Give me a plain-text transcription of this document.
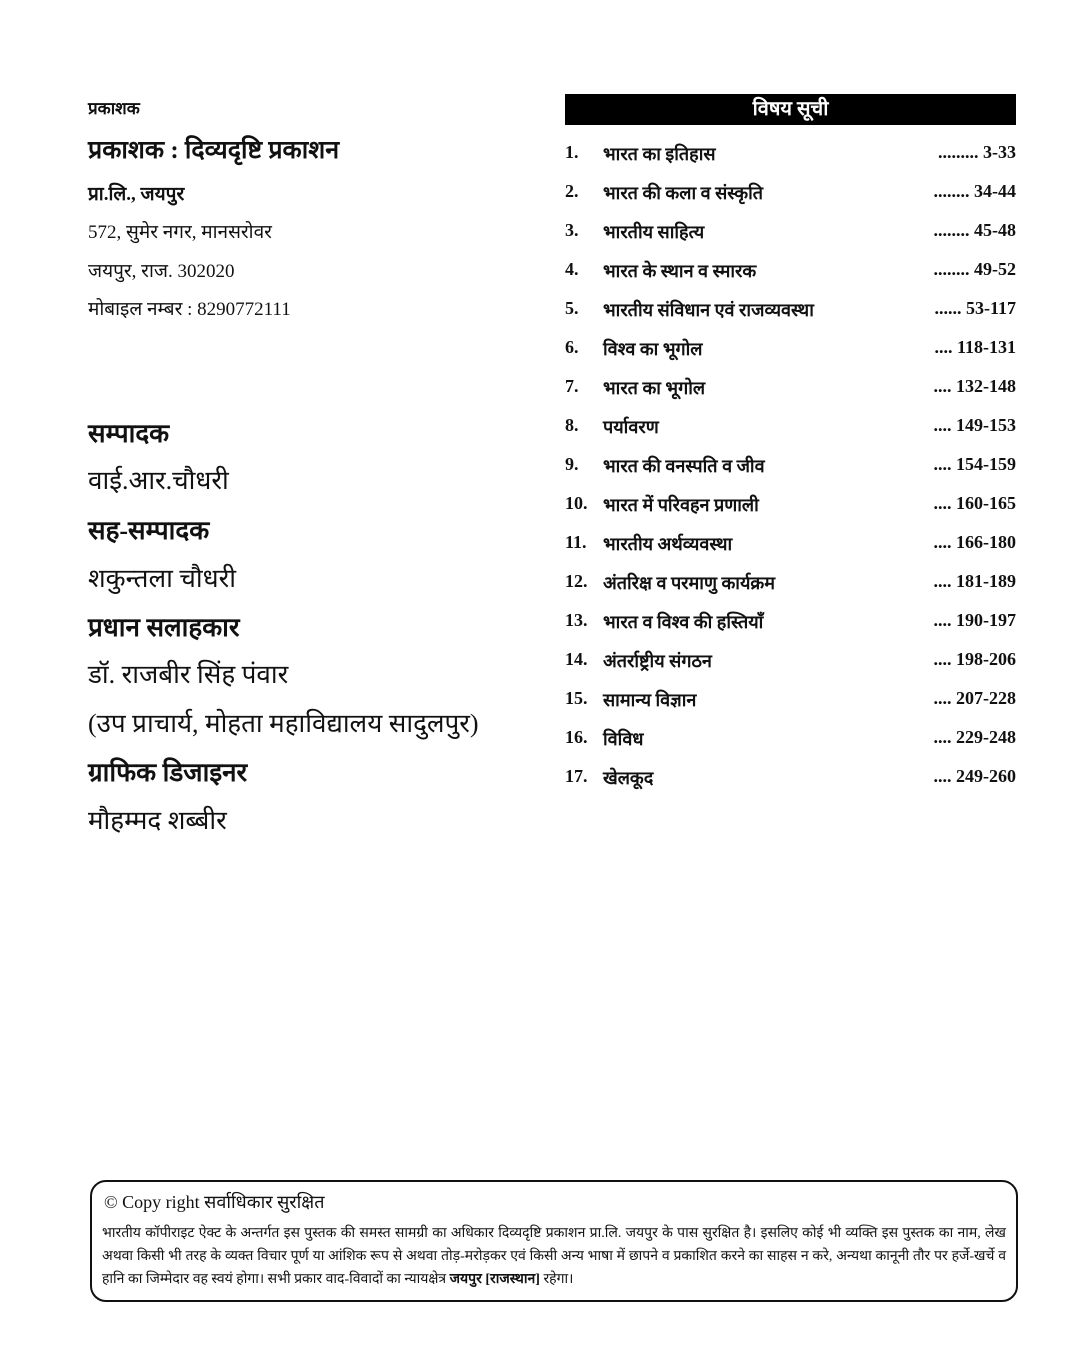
प्रकाशक
प्रकाशक : दिव्यदृष्टि प्रकाशन
प्रा.लि., जयपुर
572, सुमेर नगर, मानसरोवर
जयपुर, राज. 302020
मोबाइल नम्बर : 8290772111
सम्पादक
वाई.आर.चौधरी
सह-सम्पादक
शकुन्तला चौधरी
प्रधान सलाहकार
डॉ. राजबीर सिंह पंवार
(उप प्राचार्य, मोहता महाविद्यालय सादुलपुर)
ग्राफिक डिजाइनर
मौहम्मद शब्बीर
विषय सूची
1. भारत का इतिहास	......... 3-33
2. भारत की कला व संस्कृति	........ 34-44
3. भारतीय साहित्य	........ 45-48
4. भारत के स्थान व स्मारक	........ 49-52
5. भारतीय संविधान एवं राजव्यवस्था	...... 53-117
6. विश्व का भूगोल	.... 118-131
7. भारत का भूगोल	.... 132-148
8. पर्यावरण	.... 149-153
9. भारत की वनस्पति व जीव	.... 154-159
10. भारत में परिवहन प्रणाली	.... 160-165
11. भारतीय अर्थव्यवस्था	.... 166-180
12. अंतरिक्ष व परमाणु कार्यक्रम	.... 181-189
13. भारत व विश्व की हस्तियाँ	.... 190-197
14. अंतर्राष्ट्रीय संगठन	.... 198-206
15. सामान्य विज्ञान	.... 207-228
16. विविध	.... 229-248
17. खेलकूद	.... 249-260
© Copy right सर्वाधिकार सुरक्षित
भारतीय कॉपीराइट ऐक्ट के अन्तर्गत इस पुस्तक की समस्त सामग्री का अधिकार दिव्यदृष्टि प्रकाशन प्रा.लि. जयपुर के पास सुरक्षित है। इसलिए कोई भी व्यक्ति इस पुस्तक का नाम, लेख अथवा किसी भी तरह के व्यक्त विचार पूर्ण या आंशिक रूप से अथवा तोड़-मरोड़कर एवं किसी अन्य भाषा में छापने व प्रकाशित करने का साहस न करे, अन्यथा कानूनी तौर पर हर्जे-खर्चे व हानि का जिम्मेदार वह स्वयं होगा। सभी प्रकार वाद-विवादों का न्यायक्षेत्र जयपुर [राजस्थान] रहेगा।
